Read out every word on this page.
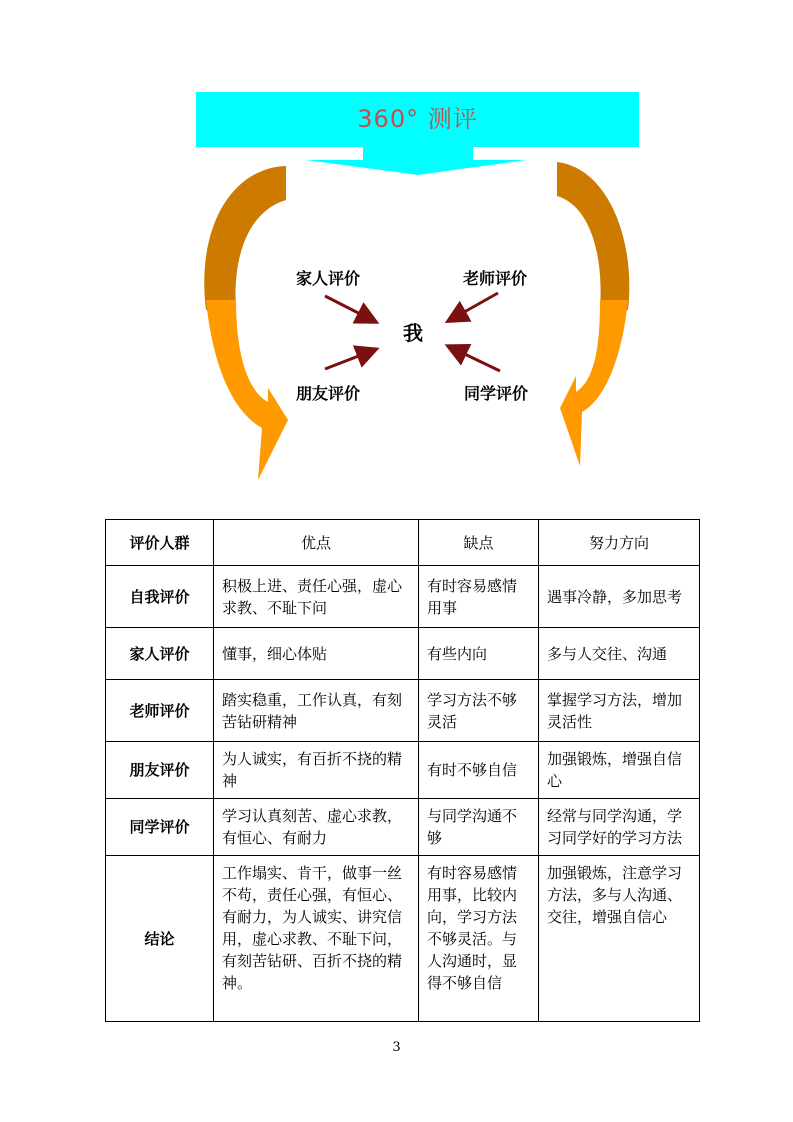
360° 测评
家人评价	老师评价
朋友评价	同学评价
我
评价人群	优点	缺点	努力方向
自我评价	积极上进、责任心强，虚心求教、不耻下问	有时容易感情用事	遇事冷静，多加思考
家人评价	懂事，细心体贴	有些内向	多与人交往、沟通
老师评价	踏实稳重，工作认真，有刻苦钻研精神	学习方法不够灵活	掌握学习方法，增加灵活性
朋友评价	为人诚实，有百折不挠的精神	有时不够自信	加强锻炼，增强自信心
同学评价	学习认真刻苦、虚心求教，有恒心、有耐力	与同学沟通不够	经常与同学沟通，学习同学好的学习方法
结论	工作塌实、肯干，做事一丝不苟，责任心强，有恒心、有耐力，为人诚实、讲究信用，虚心求教、不耻下问，有刻苦钻研、百折不挠的精神。	有时容易感情用事，比较内向，学习方法不够灵活。与人沟通时，显得不够自信	加强锻炼，注意学习方法，多与人沟通、交往，增强自信心
3
